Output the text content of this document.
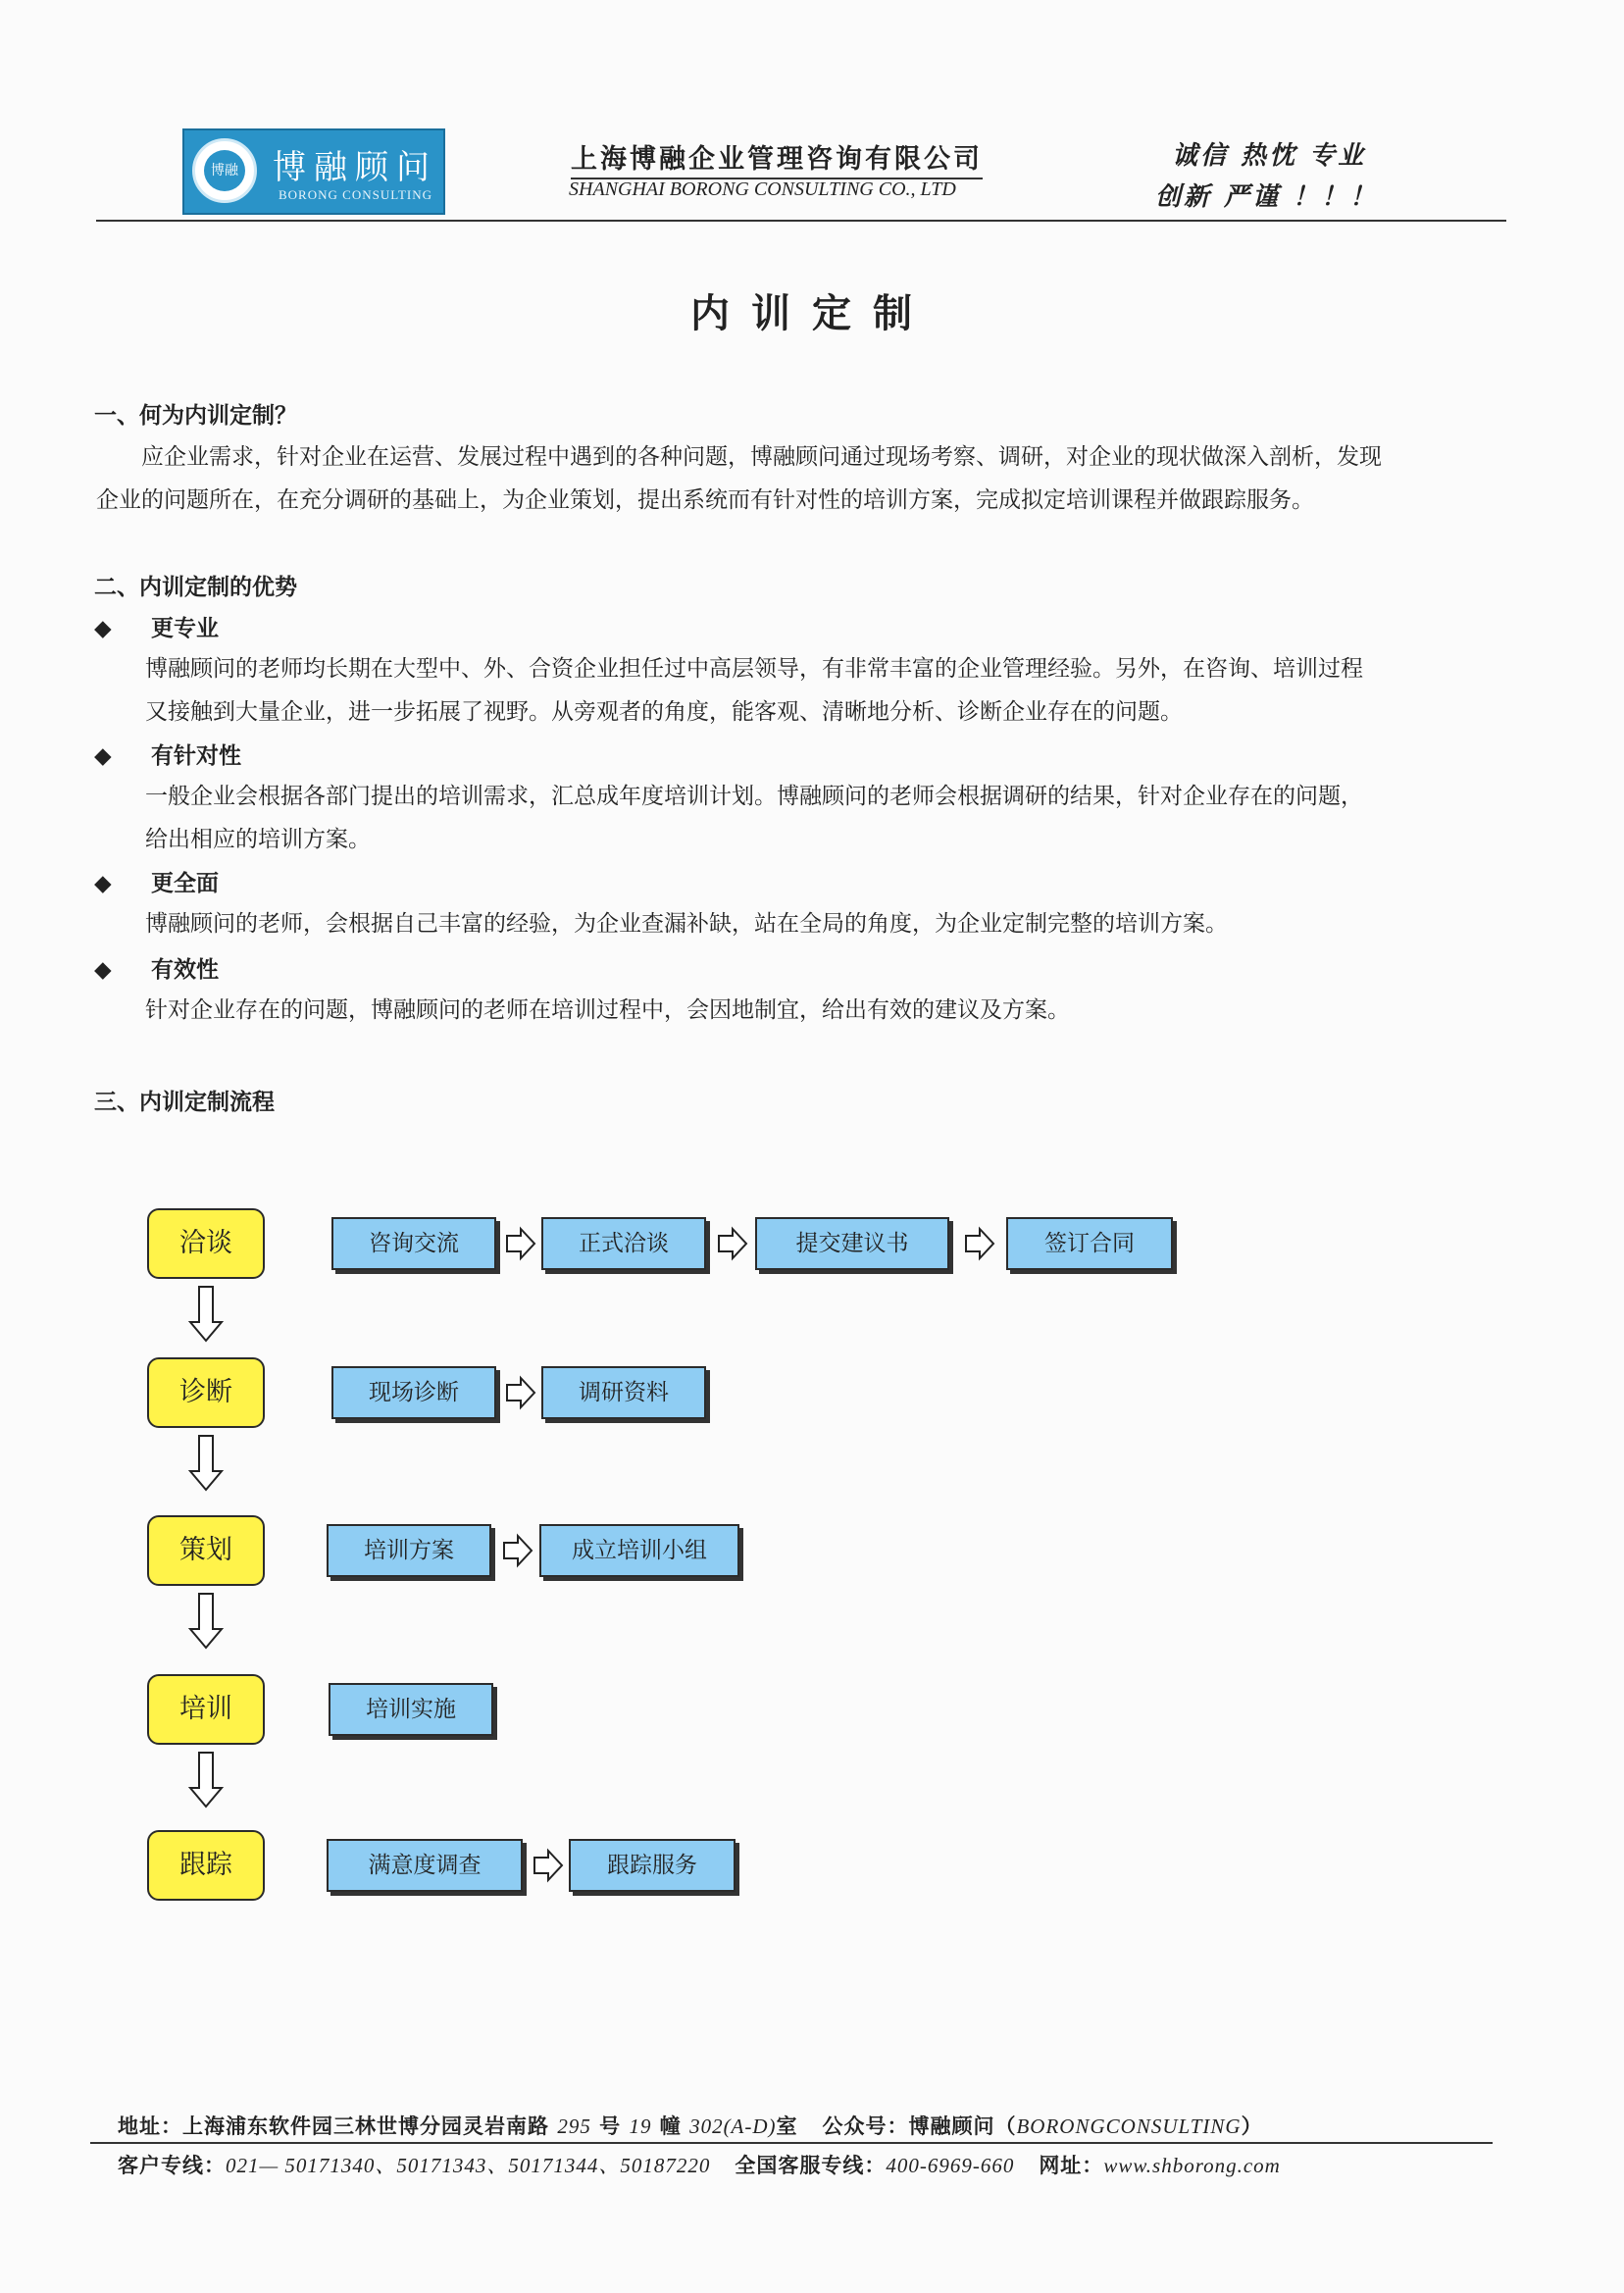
博融 博融顾问
BORONG CONSULTING
上海博融企业管理咨询有限公司
SHANGHAI BORONG CONSULTING CO., LTD
诚信 热忱 专业
创新 严谨 ！！！
内训定制
一、何为内训定制？
应企业需求，针对企业在运营、发展过程中遇到的各种问题，博融顾问通过现场考察、调研，对企业的现状做深入剖析，发现
企业的问题所在，在充分调研的基础上，为企业策划，提出系统而有针对性的培训方案，完成拟定培训课程并做跟踪服务。
二、内训定制的优势
◆ 更专业
博融顾问的老师均长期在大型中、外、合资企业担任过中高层领导，有非常丰富的企业管理经验。另外，在咨询、培训过程
又接触到大量企业，进一步拓展了视野。从旁观者的角度，能客观、清晰地分析、诊断企业存在的问题。
◆ 有针对性
一般企业会根据各部门提出的培训需求，汇总成年度培训计划。博融顾问的老师会根据调研的结果，针对企业存在的问题，
给出相应的培训方案。
◆ 更全面
博融顾问的老师，会根据自己丰富的经验，为企业查漏补缺，站在全局的角度，为企业定制完整的培训方案。
◆ 有效性
针对企业存在的问题，博融顾问的老师在培训过程中，会因地制宜，给出有效的建议及方案。
三、内训定制流程
洽谈	咨询交流	正式洽谈	提交建议书	签订合同
诊断	现场诊断	调研资料
策划	培训方案	成立培训小组
培训	培训实施
跟踪	满意度调查	跟踪服务
地址：上海浦东软件园三林世博分园灵岩南路 295 号 19 幢 302(A-D)室 公众号：博融顾问（BORONGCONSULTING）
客户专线：021— 50171340、50171343、50171344、50187220 全国客服专线：400-6969-660 网址：www.shborong.com
